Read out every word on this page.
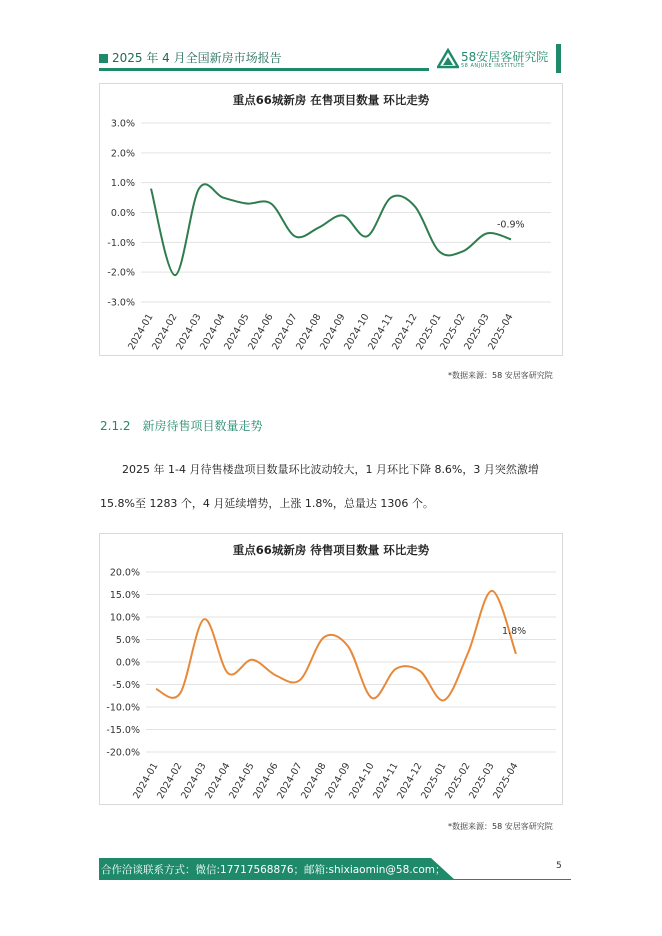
2025 年 4 月全国新房市场报告	58安居客研究院
58 ANJUKE INSTITUTE
重点66城新房 在售项目数量 环比走势
3.0%
2.0%
1.0%
0.0%
-1.0%
-2.0%
-3.0%
2024-01
2024-02
2024-03
2024-04
2024-05
2024-06
2024-07
2024-08
2024-09
2024-10
2024-11
2024-12
2025-01
2025-02
2025-03
2025-04
-0.9%
*数据来源：58 安居客研究院
2.1.2　新房待售项目数量走势
2025 年 1-4 月待售楼盘项目数量环比波动较大，1 月环比下降 8.6%，3 月突然激增
15.8%至 1283 个，4 月延续增势，上涨 1.8%，总量达 1306 个。
重点66城新房 待售项目数量 环比走势
20.0%
15.0%
10.0%
5.0%
0.0%
-5.0%
-10.0%
-15.0%
-20.0%
2024-01
2024-02
2024-03
2024-04
2024-05
2024-06
2024-07
2024-08
2024-09
2024-10
2024-11
2024-12
2025-01
2025-02
2025-03
2025-04
1.8%
*数据来源：58 安居客研究院
合作洽谈联系方式：微信:17717568876；邮箱:shixiaomin@58.com；	5
